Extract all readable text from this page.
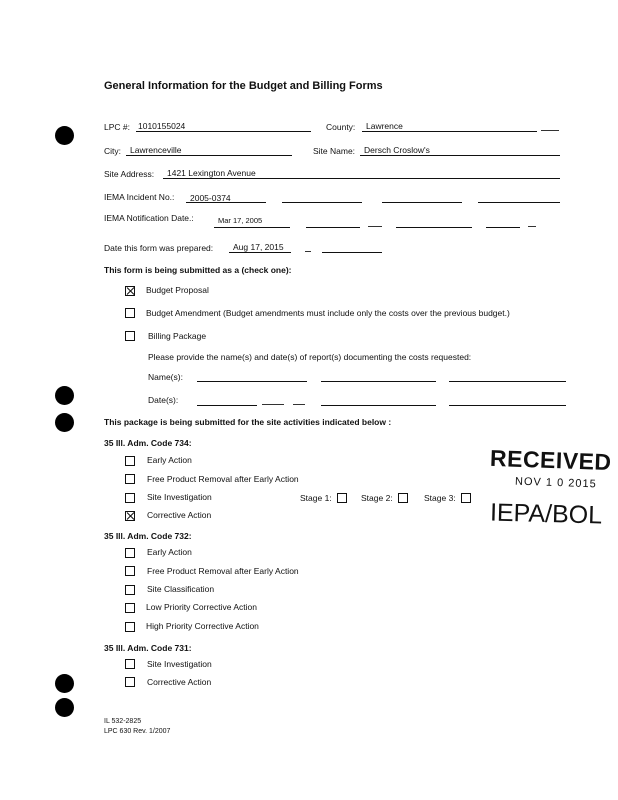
General Information for the Budget and Billing Forms
LPC #: 1010155024	County: Lawrence
City: Lawrenceville	Site Name: Dersch Croslow's
Site Address: 1421 Lexington Avenue
IEMA Incident No.: 2005-0374
IEMA Notification Date.:	Mar 17, 2005
Date this form was prepared: Aug 17, 2015
This form is being submitted as a (check one):
Budget Proposal
Budget Amendment (Budget amendments must include only the costs over the previous budget.)
Billing Package
Please provide the name(s) and date(s) of report(s) documenting the costs requested:
Name(s):
Date(s):
This package is being submitted for the site activities indicated below :
35 Ill. Adm. Code 734:
Early Action
Free Product Removal after Early Action
Site Investigation	Stage 1:	Stage 2:	Stage 3:
Corrective Action
RECEIVED
NOV 1 0 2015
IEPA/BOL
35 Ill. Adm. Code 732:
Early Action
Free Product Removal after Early Action
Site Classification
Low Priority Corrective Action
High Priority Corrective Action
35 Ill. Adm. Code 731:
Site Investigation
Corrective Action
IL 532-2825
LPC 630 Rev. 1/2007
